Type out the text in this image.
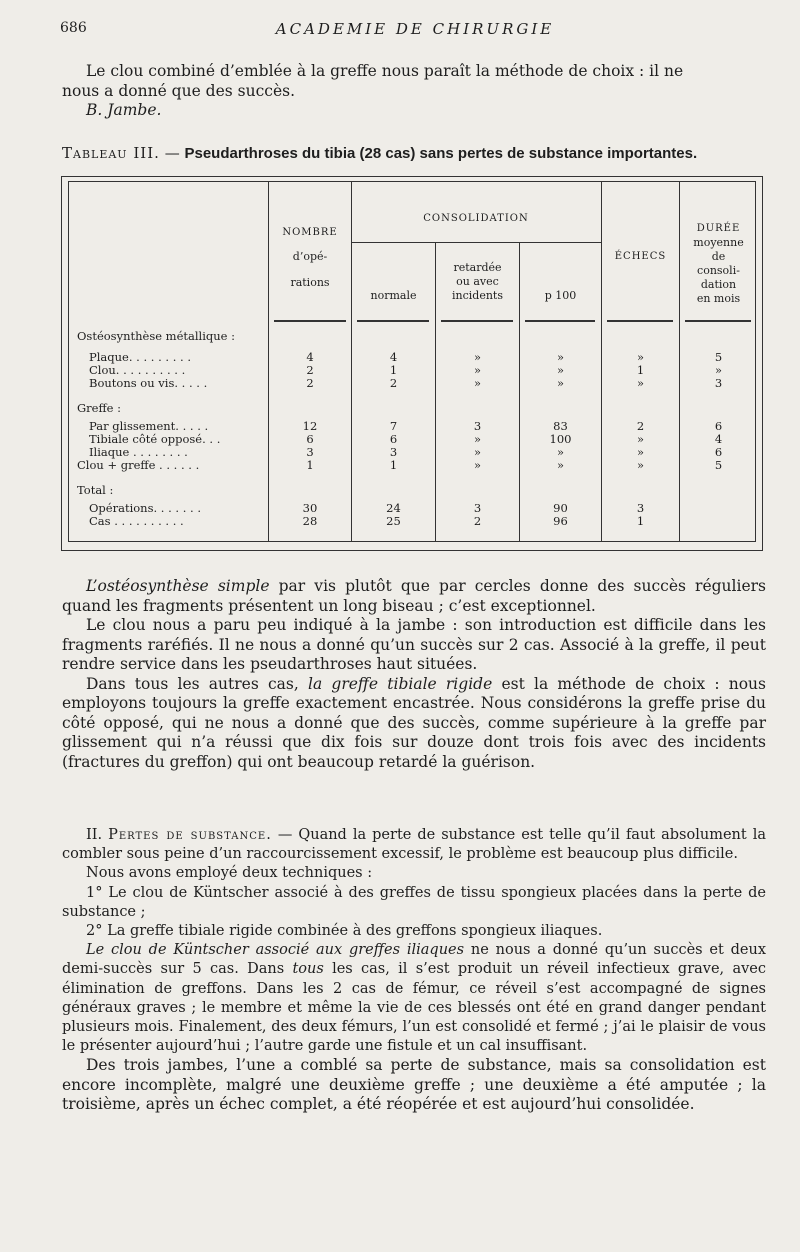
686	ACADEMIE DE CHIRURGIE

Le clou combiné d’emblée à la greffe nous paraît la méthode de choix : il ne

nous a donné que des succès.

B. Jambe.

Tableau III. — Pseudarthroses du tibia (28 cas) sans pertes de substance importantes.
NOMBRE
d’opé-
rations
CONSOLIDATION
normale
retardée
ou avec
incidents	p 100
ÉCHECS
DURÉE
moyenne
de
consoli-
dation
en mois
Ostéosynthèse métallique :
Greffe :
Total :
Plaque. . . . . . . . .	4	4	»	»	»	5
Clou. . . . . . . . . .	2	1	»	»	1	»
Boutons ou vis. . . . .	2	2	»	»	»	3
Par glissement. . . . .	12	7	3	83	2	6
Tibiale côté opposé. . .	6	6	»	100	»	4
Iliaque . . . . . . . .	3	3	»	»	»	6
Clou + greffe . . . . . .	1	1	»	»	»	5
Opérations. . . . . . .	30	24	3	90	3
Cas . . . . . . . . . .	28	25	2	96	1

L’ostéosynthèse simple par vis plutôt que par cercles donne des succès réguliers quand les fragments présentent un long biseau ; c’est exceptionnel.

Le clou nous a paru peu indiqué à la jambe : son introduction est difficile dans les fragments raréfiés. Il ne nous a donné qu’un succès sur 2 cas. Associé à la greffe, il peut rendre service dans les pseudarthroses haut situées.

Dans tous les autres cas, la greffe tibiale rigide est la méthode de choix : nous employons toujours la greffe exactement encastrée. Nous considérons la greffe prise du côté opposé, qui ne nous a donné que des succès, comme supérieure à la greffe par glissement qui n’a réussi que dix fois sur douze dont trois fois avec des incidents (fractures du greffon) qui ont beaucoup retardé la guérison.

II. Pertes de substance. — Quand la perte de substance est telle qu’il faut absolument la combler sous peine d’un raccourcissement excessif, le problème est beaucoup plus difficile.

Nous avons employé deux techniques :

1° Le clou de Küntscher associé à des greffes de tissu spongieux placées dans la perte de substance ;

2° La greffe tibiale rigide combinée à des greffons spongieux iliaques.

Le clou de Küntscher associé aux greffes iliaques ne nous a donné qu’un succès et deux demi-succès sur 5 cas. Dans tous les cas, il s’est produit un réveil infectieux grave, avec élimination de greffons. Dans les 2 cas de fémur, ce réveil s’est accompagné de signes généraux graves ; le membre et même la vie de ces blessés ont été en grand danger pendant plusieurs mois. Finalement, des deux fémurs, l’un est consolidé et fermé ; j’ai le plaisir de vous le présenter aujourd’hui ; l’autre garde une fistule et un cal insuffisant.

Des trois jambes, l’une a comblé sa perte de substance, mais sa consolidation est encore incomplète, malgré une deuxième greffe ; une deuxième a été amputée ; la troisième, après un échec complet, a été réopérée et est aujourd’hui consolidée.
